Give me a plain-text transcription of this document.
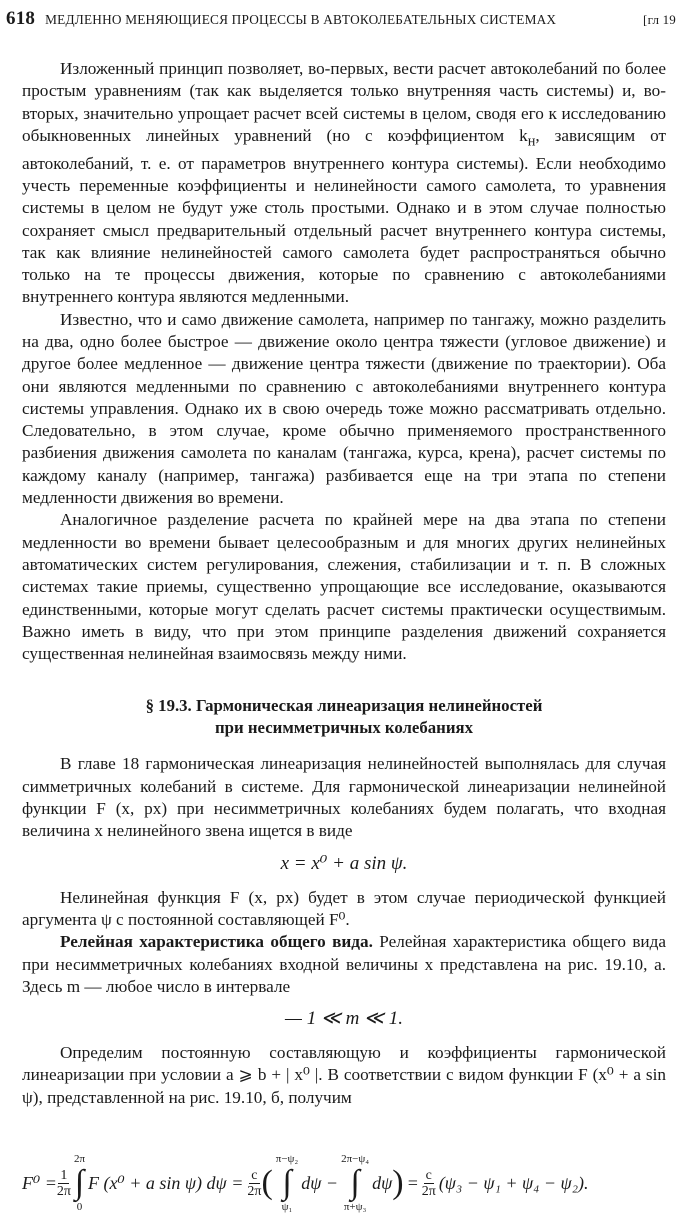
618 МЕДЛЕННО МЕНЯЮЩИЕСЯ ПРОЦЕССЫ В АВТОКОЛЕБАТЕЛЬНЫХ СИСТЕМАХ	[гл 19

Изложенный принцип позволяет, во-первых, вести расчет автоколебаний по более простым уравнениям (так как выделяется только внутренняя часть системы) и, во-вторых, значительно упрощает расчет всей системы в целом, сводя его к исследованию обыкновенных линейных уравнений (но с коэффициентом $k_н$, зависящим от автоколебаний, т. е. от параметров внутреннего контура системы). Если необходимо учесть переменные коэффициенты и нелинейности самого самолета, то уравнения системы в целом не будут уже столь простыми. Однако и в этом случае полностью сохраняет смысл предварительный отдельный расчет внутреннего контура системы, так как влияние нелинейностей самого самолета будет распространяться обычно только на те процессы движения, которые по сравнению с автоколебаниями внутреннего контура являются медленными.

Известно, что и само движение самолета, например по тангажу, можно разделить на два, одно более быстрое — движение около центра тяжести (угловое движение) и другое более медленное — движение центра тяжести (движение по траектории). Оба они являются медленными по сравнению с автоколебаниями внутреннего контура системы управления. Однако их в свою очередь тоже можно рассматривать отдельно. Следовательно, в этом случае, кроме обычно применяемого пространственного разбиения движения самолета по каналам (тангажа, курса, крена), расчет системы по каждому каналу (например, тангажа) разбивается еще на три этапа по степени медленности движения во времени.

Аналогичное разделение расчета по крайней мере на два этапа по степени медленности во времени бывает целесообразным и для многих других нелинейных автоматических систем регулирования, слежения, стабилизации и т. п. В сложных системах такие приемы, существенно упрощающие все исследование, оказываются единственными, которые могут сделать расчет системы практически осуществимым. Важно иметь в виду, что при этом принципе разделения движений сохраняется существенная нелинейная взаимосвязь между ними.

§ 19.3. Гармоническая линеаризация нелинейностей
при несимметричных колебаниях

В главе 18 гармоническая линеаризация нелинейностей выполнялась для случая симметричных колебаний в системе. Для гармонической линеаризации нелинейной функции F (x, px) при несимметричных колебаниях будем полагать, что входная величина x нелинейного звена ищется в виде

x = x⁰ + a sin ψ.

Нелинейная функция F (x, px) будет в этом случае периодической функцией аргумента ψ с постоянной составляющей F⁰.

Релейная характеристика общего вида. Релейная характеристика общего вида при несимметричных колебаниях входной величины x представлена на рис. 19.10, а. Здесь m — любое число в интервале

— 1 ≪ m ≪ 1.

Определим постоянную составляющую и коэффициенты гармонической линеаризации при условии a ⩾ b + | x⁰ |. В соответствии с видом функции F (x⁰ + a sin ψ), представленной на рис. 19.10, б, получим

$F^0 = \frac{1}{2\pi}$
2π
∫
0
F (x⁰ + a sin ψ) $d\psi = \frac{c}{2\pi}$ (
π−ψ₂
∫
ψ₁
dψ −
2π−ψ₄
∫
π+ψ₃
dψ ) = $\frac{c}{2\pi} (\psi_3 - \psi_1 + \psi_4 - \psi_2)$.
